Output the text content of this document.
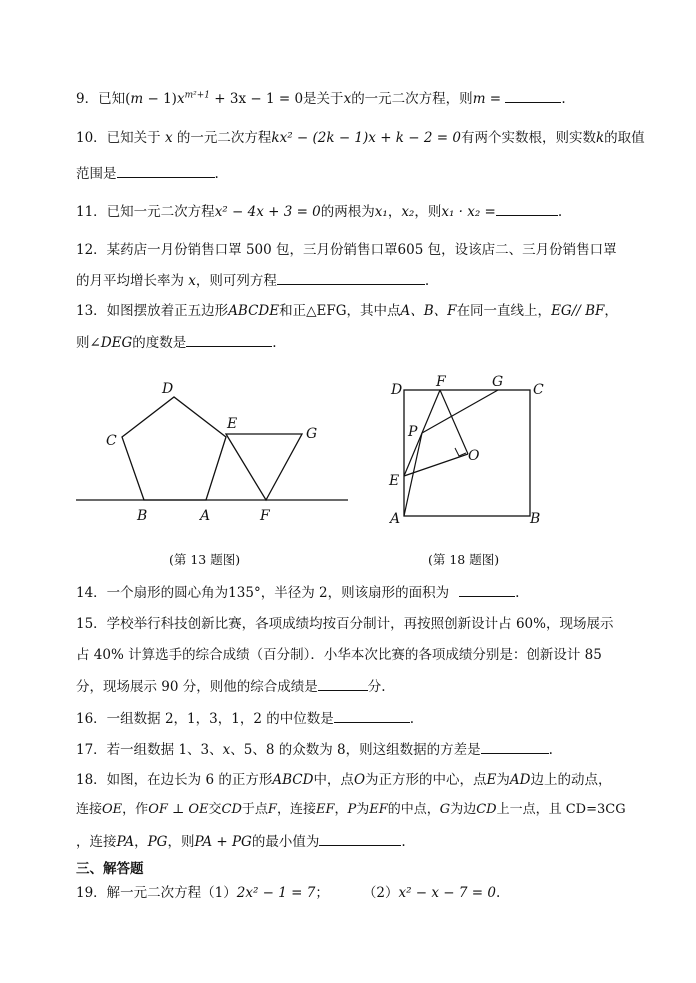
9．已知$(m - 1)x^{m^2+1} + 3x - 1 = 0$是关于x的一元二次方程，则m =	.
10．已知关于 x 的一元二次方程kx² − (2k − 1)x + k − 2 = 0有两个实数根，则实数k的取值
范围是	.
11．已知一元二次方程x² − 4x + 3 = 0的两根为x₁，x₂，则x₁ · x₂ =	.
12．某药店一月份销售口罩 500 包，三月份销售口罩605 包，设该店二、三月份销售口罩
的月平均增长率为 x，则可列方程	.
13．如图摆放着正五边形ABCDE和正△EFG，其中点A、B、F在同一直线上，EG// BF，
则∠DEG的度数是	.
D
C
E
G
B	A	F
(第 13 题图)
D F	G C
P
O
E
A	B
(第 18 题图)
14．一个扇形的圆心角为135°，半径为 2，则该扇形的面积为	.
15．学校举行科技创新比赛，各项成绩均按百分制计，再按照创新设计占 60%，现场展示
占 40% 计算选手的综合成绩（百分制）．小华本次比赛的各项成绩分别是：创新设计 85
分，现场展示 90 分，则他的综合成绩是	分.
16．一组数据 2，1，3，1，2 的中位数是	.
17．若一组数据 1、3、x、5、8 的众数为 8，则这组数据的方差是	.
18．如图，在边长为 6 的正方形ABCD中，点O为正方形的中心，点E为AD边上的动点，
连接OE，作OF ⊥ OE交CD于点F，连接EF，P为EF的中点，G为边CD上一点，且 CD=3CG
，连接PA，PG，则PA + PG的最小值为	.
三、解答题
19．解一元二次方程（1）2x² − 1 = 7；	（2）x² − x − 7 = 0.
